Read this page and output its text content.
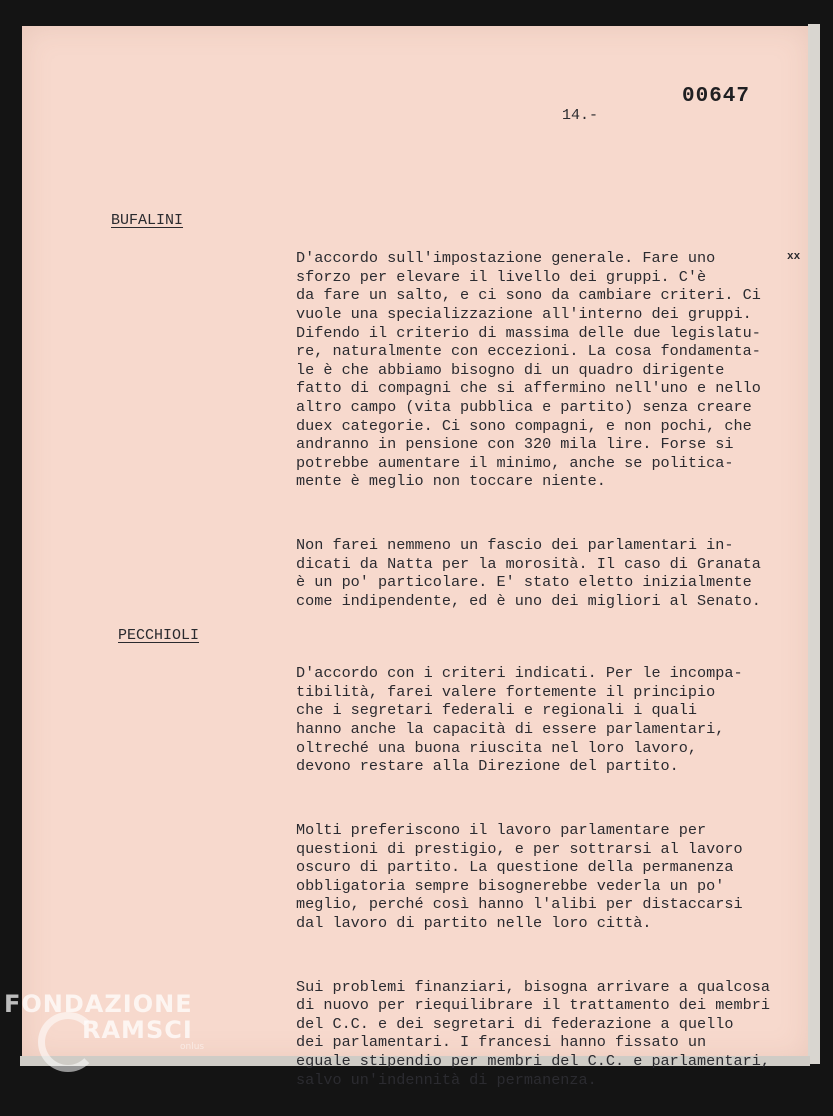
00647
14.-
xx
BUFALINI

D'accordo sull'impostazione generale. Fare uno
sforzo per elevare il livello dei gruppi. C'è
da fare un salto, e ci sono da cambiare criteri. Ci
vuole una specializzazione all'interno dei gruppi.
Difendo il criterio di massima delle due legislatu-
re, naturalmente con eccezioni. La cosa fondamenta-
le è che abbiamo bisogno di un quadro dirigente
fatto di compagni che si affermino nell'uno e nello
altro campo (vita pubblica e partito) senza creare
duex categorie. Ci sono compagni, e non pochi, che
andranno in pensione con 320 mila lire. Forse si
potrebbe aumentare il minimo, anche se politica-
mente è meglio non toccare niente.

Non farei nemmeno un fascio dei parlamentari in-
dicati da Natta per la morosità. Il caso di Granata
è un po' particolare. E' stato eletto inizialmente
come indipendente, ed è uno dei migliori al Senato.

PECCHIOLI

D'accordo con i criteri indicati. Per le incompa-
tibilità, farei valere fortemente il principio
che i segretari federali e regionali i quali
hanno anche la capacità di essere parlamentari,
oltreché una buona riuscita nel loro lavoro,
devono restare alla Direzione del partito.

Molti preferiscono il lavoro parlamentare per
questioni di prestigio, e per sottrarsi al lavoro
oscuro di partito. La questione della permanenza
obbligatoria sempre bisognerebbe vederla un po'
meglio, perché così hanno l'alibi per distaccarsi
dal lavoro di partito nelle loro città.

Sui problemi finanziari, bisogna arrivare a qualcosa
di nuovo per riequilibrare il trattamento dei membri
del C.C. e dei segretari di federazione a quello
dei parlamentari. I francesi hanno fissato un
eguale stipendio per membri del C.C. e parlamentari,
salvo un'indennità di permanenza.

FONDAZIONE
RAMSCI
onlus
